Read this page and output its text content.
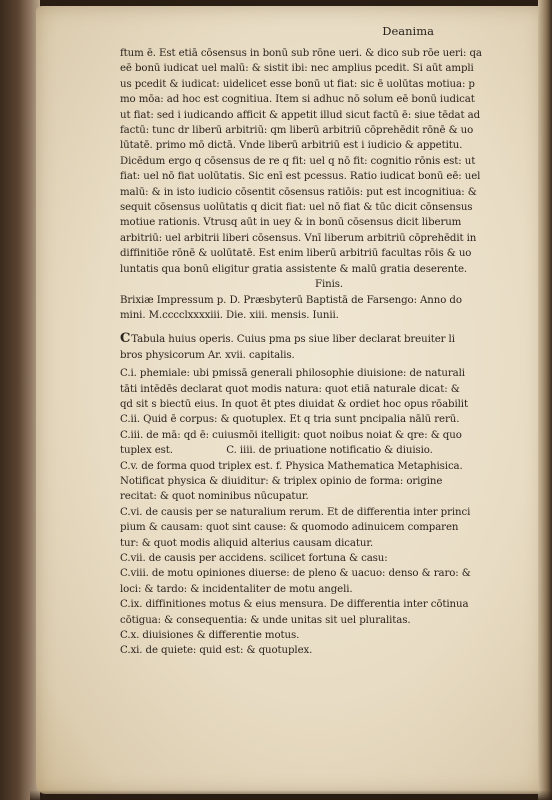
Deanima
ftum ē. Est etiā cōsensus in bonū sub rōne ueri. & dico sub rōe ueri: qa
eē bonū iudicat uel malū: & sistit ibi: nec amplius pcedit. Si aūt ampli
us pcedit & iudicat: uidelicet esse bonū ut fiat: sic ē uolūtas motiua: p
mo mōa: ad hoc est cognitiua. Item si adhuc nō solum eē bonū iudicat
ut fiat: sed i iudicando afficit & appetit illud sicut factū ē: siue tēdat ad
factū: tunc dr liberū arbitriū: qm liberū arbitriū cōprehēdit rōnē & uo
lūtatē. primo mō dictā. Vnde liberū arbitriū est i iudicio & appetitu.
Dicēdum ergo q cōsensus de re q fit: uel q nō fit: cognitio rōnis est: ut
fiat: uel nō fiat uolūtatis. Sic enī est pcessus. Ratio iudicat bonū eē: uel
malū: & in isto iudicio cōsentit cōsensus ratiōis: put est incognitiua: &
sequit cōsensus uolūtatis q dicit fiat: uel nō fiat & tūc dicit cōnsensus
motiue rationis. Vtrusq aūt in uey & in bonū cōsensus dicit liberum
arbitriū: uel arbitrii liberi cōsensus. Vnī liberum arbitriū cōprehēdit in
diffinitiōe rōnē & uolūtatē. Est enim liberū arbitriū facultas rōis & uo
luntatis qua bonū eligitur gratia assistente & malū gratia deserente.
Finis.
Brixiæ Impressum p. D. Præsbyterū Baptistā de Farsengo: Anno do
mini. M.cccclxxxxiii. Die. xiii. mensis. Iunii.
CTabula huius operis. Cuius pma ps siue liber declarat breuiter li
bros physicorum Ar. xvii. capitalis.
C.i. phemiale: ubi pmissā generali philosophie diuisione: de naturali
tāti intēdēs declarat quot modis natura: quot etiā naturale dicat: &
qd sit s biectū eius. In quot ēt ptes diuidat & ordiet hoc opus rōabilit
C.ii. Quid ē corpus: & quotuplex. Et q tria sunt pncipalia nālū rerū.
C.iii. de mā: qd ē: cuiusmōi itelligit: quot noibus noiat & qre: & quo
tuplex est.                 C. iiii. de priuatione notificatio & diuisio.
C.v. de forma quod triplex est. f. Physica Mathematica Metaphisica.
Notificat physica & diuiditur: & triplex opinio de forma: origine
recitat: & quot nominibus nūcupatur.
C.vi. de causis per se naturalium rerum. Et de differentia inter princi
pium & causam: quot sint cause: & quomodo adinuicem comparen
tur: & quot modis aliquid alterius causam dicatur.
C.vii. de causis per accidens. scilicet fortuna & casu:
C.viii. de motu opiniones diuerse: de pleno & uacuo: denso & raro: &
loci: & tardo: & incidentaliter de motu angeli.
C.ix. diffinitiones motus & eius mensura. De differentia inter cōtinua
cōtigua: & consequentia: & unde unitas sit uel pluralitas.
C.x. diuisiones & differentie motus.
C.xi. de quiete: quid est: & quotuplex.
